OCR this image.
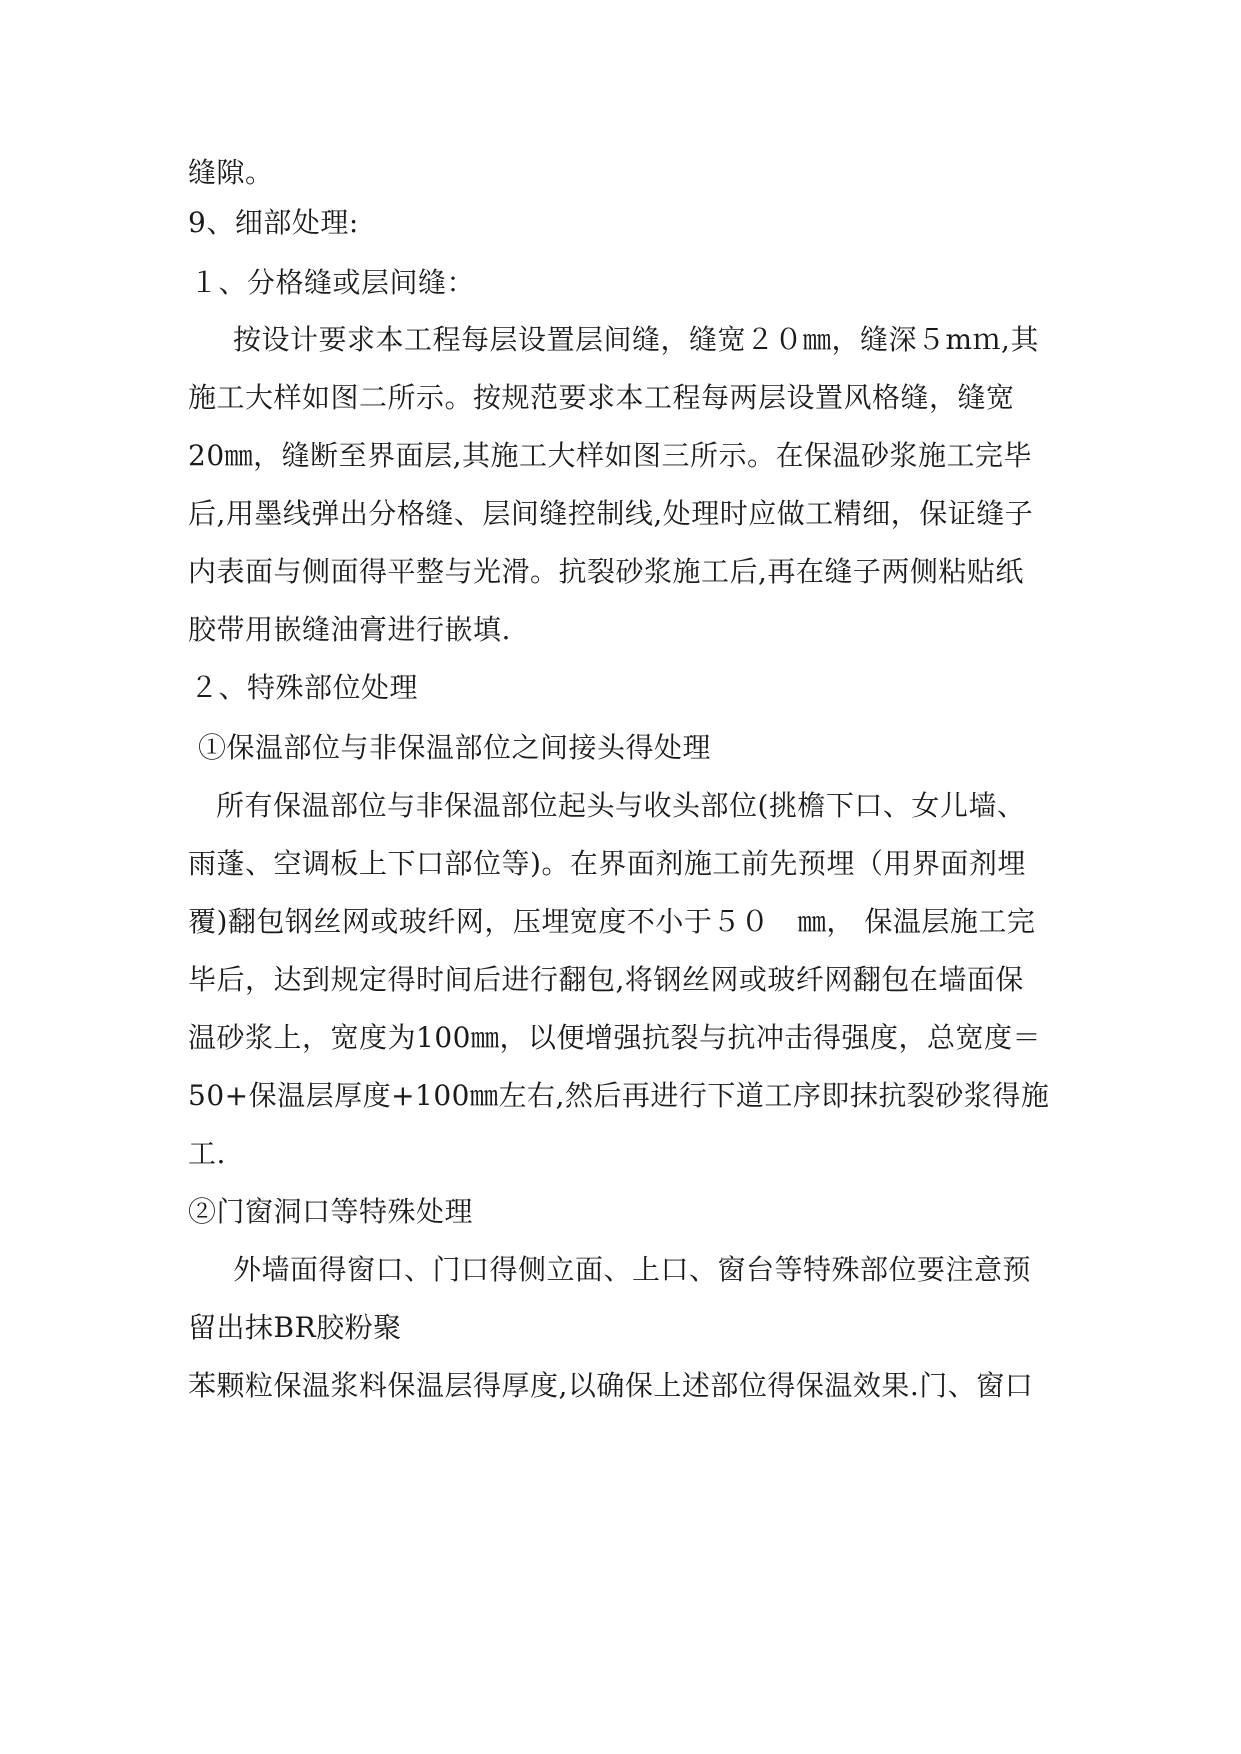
缝隙。
9、细部处理:
１、分格缝或层间缝：
按设计要求本工程每层设置层间缝，缝宽２０㎜，缝深５mｍ,其
施工大样如图二所示。按规范要求本工程每两层设置风格缝，缝宽
20㎜，缝断至界面层,其施工大样如图三所示。在保温砂浆施工完毕
后,用墨线弹出分格缝、层间缝控制线,处理时应做工精细，保证缝子
内表面与侧面得平整与光滑。抗裂砂浆施工后,再在缝子两侧粘贴纸
胶带用嵌缝油膏进行嵌填.
２、特殊部位处理
①保温部位与非保温部位之间接头得处理
所有保温部位与非保温部位起头与收头部位(挑檐下口、女儿墙、
雨蓬、空调板上下口部位等)。在界面剂施工前先预埋（用界面剂埋
覆)翻包钢丝网或玻纤网，压埋宽度不小于５０　㎜， 保温层施工完
毕后，达到规定得时间后进行翻包,将钢丝网或玻纤网翻包在墙面保
温砂浆上，宽度为100㎜，以便增强抗裂与抗冲击得强度，总宽度＝
50+保温层厚度+100㎜左右,然后再进行下道工序即抹抗裂砂浆得施
工.
②门窗洞口等特殊处理
外墙面得窗口、门口得侧立面、上口、窗台等特殊部位要注意预
留出抹BR胶粉聚
苯颗粒保温浆料保温层得厚度,以确保上述部位得保温效果.门、窗口
